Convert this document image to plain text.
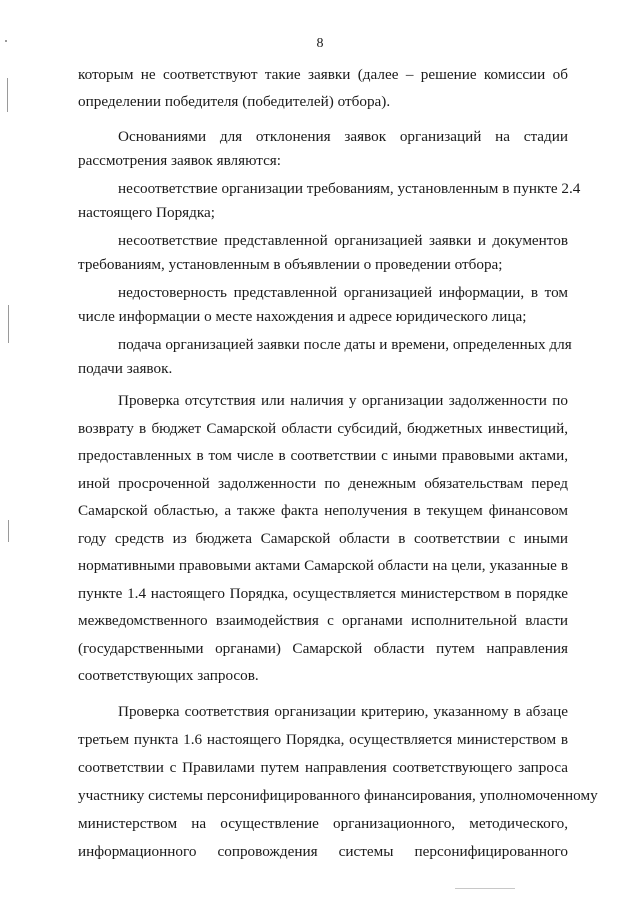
8
которым не соответствуют такие заявки (далее – решение комиссии об
определении победителя (победителей) отбора).
Основаниями для отклонения заявок организаций на стадии
рассмотрения заявок являются:
несоответствие организации требованиям, установленным в пункте 2.4
настоящего Порядка;
несоответствие представленной организацией заявки и документов
требованиям, установленным в объявлении о проведении отбора;
недостоверность представленной организацией информации, в том
числе информации о месте нахождения и адресе юридического лица;
подача организацией заявки после даты и времени, определенных для
подачи заявок.
Проверка отсутствия или наличия у организации задолженности по
возврату в бюджет Самарской области субсидий, бюджетных инвестиций,
предоставленных в том числе в соответствии с иными правовыми актами,
иной просроченной задолженности по денежным обязательствам перед
Самарской областью, а также факта неполучения в текущем финансовом
году средств из бюджета Самарской области в соответствии с иными
нормативными правовыми актами Самарской области на цели, указанные в
пункте 1.4 настоящего Порядка, осуществляется министерством в порядке
межведомственного взаимодействия с органами исполнительной власти
(государственными органами) Самарской области путем направления
соответствующих запросов.
Проверка соответствия организации критерию, указанному в абзаце
третьем пункта 1.6 настоящего Порядка, осуществляется министерством в
соответствии с Правилами путем направления соответствующего запроса
участнику системы персонифицированного финансирования, уполномоченному
министерством на осуществление организационного, методического,
информационного сопровождения системы персонифицированного
